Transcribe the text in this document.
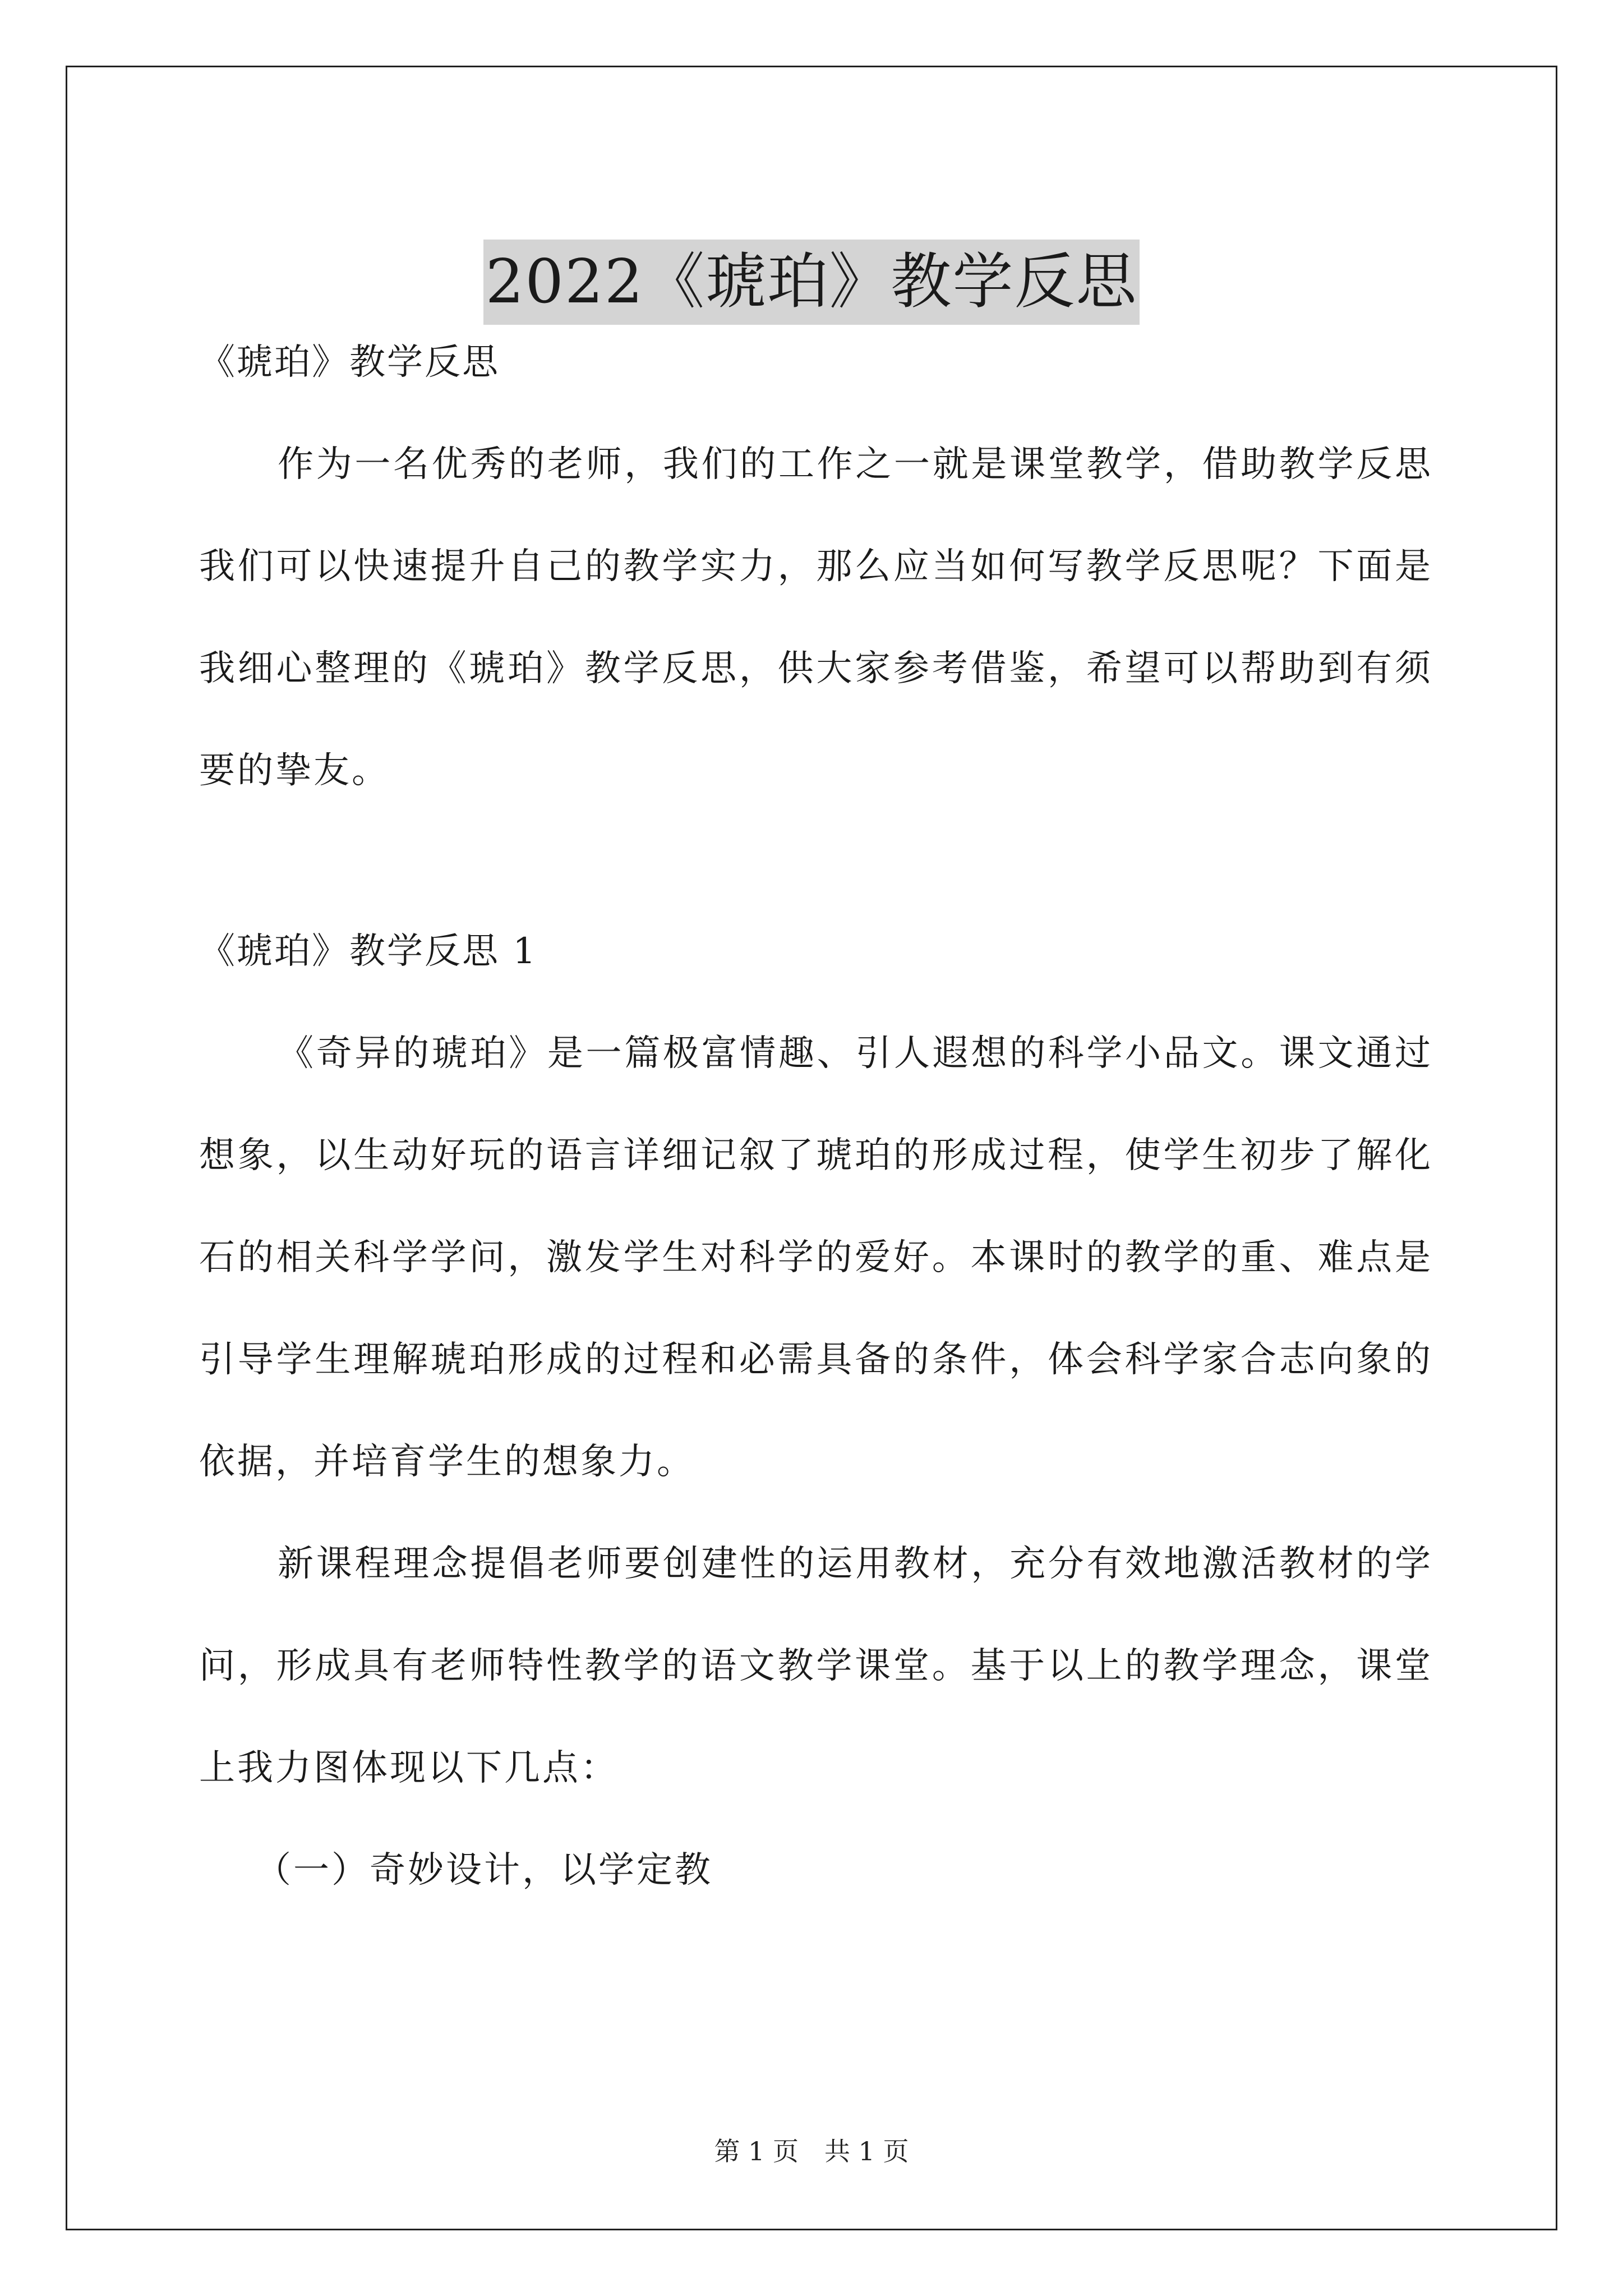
2022《琥珀》教学反思

《琥珀》教学反思

作为一名优秀的老师，我们的工作之一就是课堂教学，借助教学反思我们可以快速提升自己的教学实力，那么应当如何写教学反思呢？下面是我细心整理的《琥珀》教学反思，供大家参考借鉴，希望可以帮助到有须要的挚友。

《琥珀》教学反思 1

《奇异的琥珀》是一篇极富情趣、引人遐想的科学小品文。课文通过想象，以生动好玩的语言详细记叙了琥珀的形成过程，使学生初步了解化石的相关科学学问，激发学生对科学的爱好。本课时的教学的重、难点是引导学生理解琥珀形成的过程和必需具备的条件，体会科学家合志向象的依据，并培育学生的想象力。

新课程理念提倡老师要创建性的运用教材，充分有效地激活教材的学问，形成具有老师特性教学的语文教学课堂。基于以上的教学理念，课堂上我力图体现以下几点：

（一）奇妙设计，以学定教

第 1 页　共 1 页
